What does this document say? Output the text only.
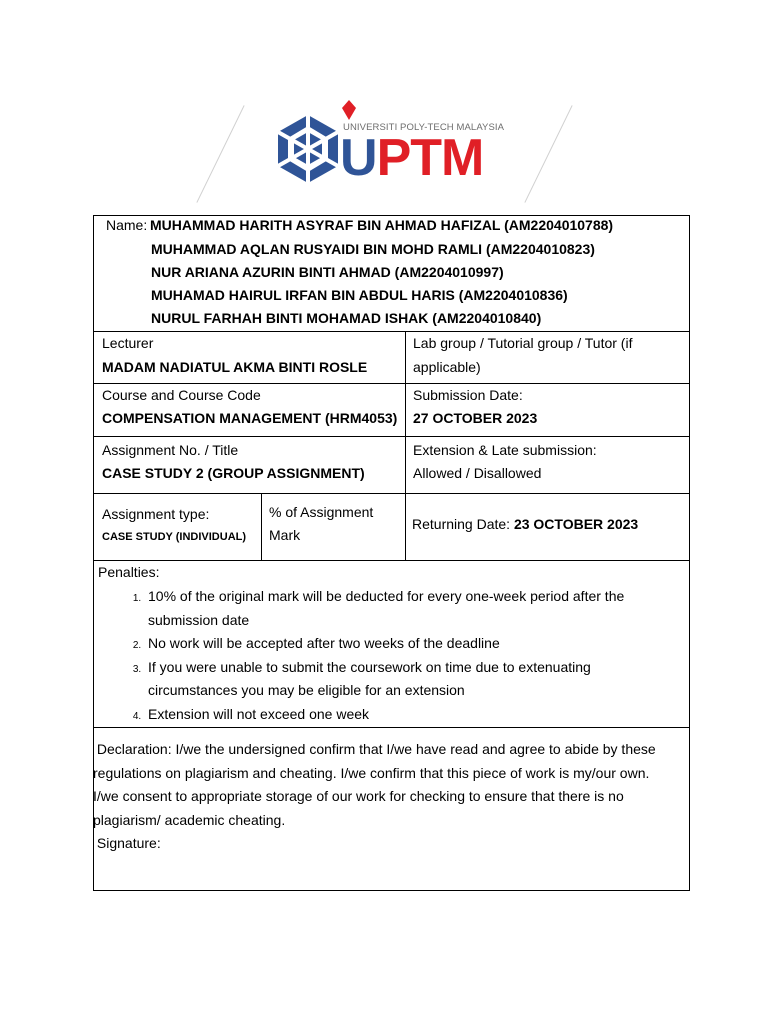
UNIVERSITI POLY-TECH MALAYSIA
UPTM
Name: MUHAMMAD HARITH ASYRAF BIN AHMAD HAFIZAL (AM2204010788)
MUHAMMAD AQLAN RUSYAIDI BIN MOHD RAMLI (AM2204010823)
NUR ARIANA AZURIN BINTI AHMAD (AM2204010997)
MUHAMAD HAIRUL IRFAN BIN ABDUL HARIS (AM2204010836)
NURUL FARHAH BINTI MOHAMAD ISHAK (AM2204010840)
Lecturer
MADAM NADIATUL AKMA BINTI ROSLE
Lab group / Tutorial group / Tutor (if
applicable)
Course and Course Code
COMPENSATION MANAGEMENT (HRM4053)
Submission Date:
27 OCTOBER 2023
Assignment No. / Title
CASE STUDY 2 (GROUP ASSIGNMENT)
Extension & Late submission:
Allowed / Disallowed
Assignment type:
CASE STUDY (INDIVIDUAL)
% of Assignment
Mark
Returning Date: 23 OCTOBER 2023
Penalties:
1. 10% of the original mark will be deducted for every one-week period after the
submission date
2. No work will be accepted after two weeks of the deadline
3. If you were unable to submit the coursework on time due to extenuating
circumstances you may be eligible for an extension
4. Extension will not exceed one week
Declaration: I/we the undersigned confirm that I/we have read and agree to abide by these
regulations on plagiarism and cheating. I/we confirm that this piece of work is my/our own.
I/we consent to appropriate storage of our work for checking to ensure that there is no
plagiarism/ academic cheating.
Signature:
